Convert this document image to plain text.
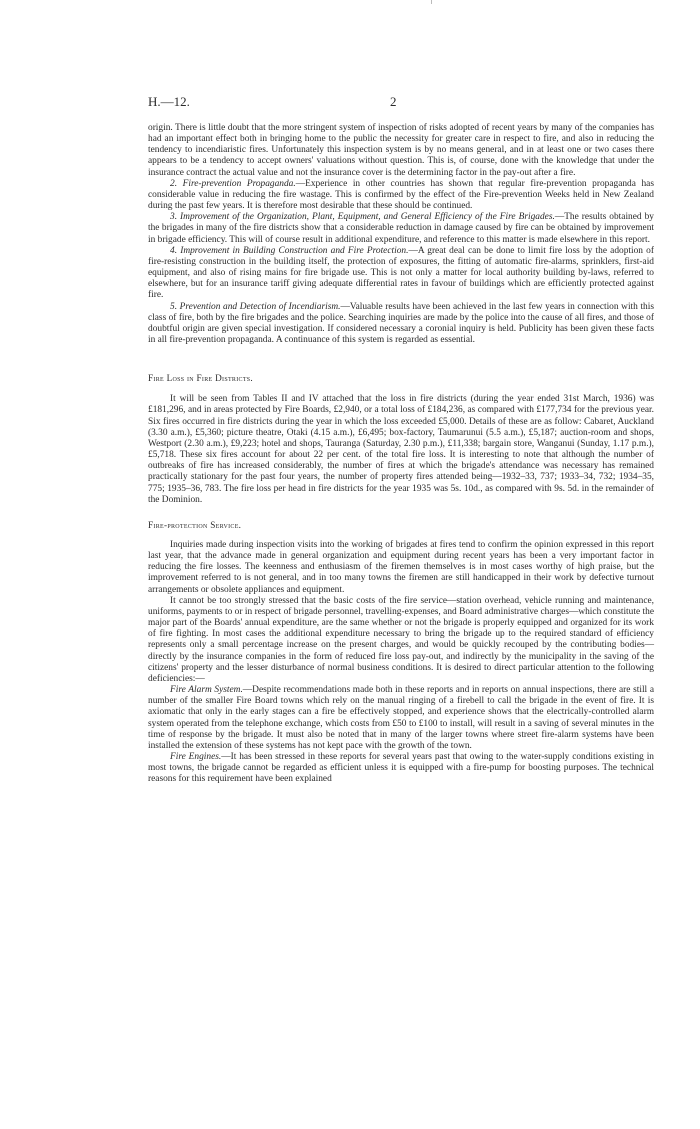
H.—12.	2

origin. There is little doubt that the more stringent system of inspection of risks adopted of recent years by many of the companies has had an important effect both in bringing home to the public the necessity for greater care in respect to fire, and also in reducing the tendency to incendiaristic fires. Unfortunately this inspection system is by no means general, and in at least one or two cases there appears to be a tendency to accept owners' valuations without question. This is, of course, done with the knowledge that under the insurance contract the actual value and not the insurance cover is the determining factor in the pay-out after a fire.

2. Fire-prevention Propaganda.—Experience in other countries has shown that regular fire-prevention propaganda has considerable value in reducing the fire wastage. This is confirmed by the effect of the Fire-prevention Weeks held in New Zealand during the past few years. It is therefore most desirable that these should be continued.

3. Improvement of the Organization, Plant, Equipment, and General Efficiency of the Fire Brigades.—The results obtained by the brigades in many of the fire districts show that a considerable reduction in damage caused by fire can be obtained by improvement in brigade efficiency. This will of course result in additional expenditure, and reference to this matter is made elsewhere in this report.

4. Improvement in Building Construction and Fire Protection.—A great deal can be done to limit fire loss by the adoption of fire-resisting construction in the building itself, the protection of exposures, the fitting of automatic fire-alarms, sprinklers, first-aid equipment, and also of rising mains for fire brigade use. This is not only a matter for local authority building by-laws, referred to elsewhere, but for an insurance tariff giving adequate differential rates in favour of buildings which are efficiently protected against fire.

5. Prevention and Detection of Incendiarism.—Valuable results have been achieved in the last few years in connection with this class of fire, both by the fire brigades and the police. Searching inquiries are made by the police into the cause of all fires, and those of doubtful origin are given special investigation. If considered necessary a coronial inquiry is held. Publicity has been given these facts in all fire-prevention propaganda. A continuance of this system is regarded as essential.

Fire Loss in Fire Districts.

It will be seen from Tables II and IV attached that the loss in fire districts (during the year ended 31st March, 1936) was £181,296, and in areas protected by Fire Boards, £2,940, or a total loss of £184,236, as compared with £177,734 for the previous year. Six fires occurred in fire districts during the year in which the loss exceeded £5,000. Details of these are as follow: Cabaret, Auckland (3.30 a.m.), £5,360; picture theatre, Otaki (4.15 a.m.), £6,495; box-factory, Taumarunui (5.5 a.m.), £5,187; auction-room and shops, Westport (2.30 a.m.), £9,223; hotel and shops, Tauranga (Saturday, 2.30 p.m.), £11,338; bargain store, Wanganui (Sunday, 1.17 p.m.), £5,718. These six fires account for about 22 per cent. of the total fire loss. It is interesting to note that although the number of outbreaks of fire has increased considerably, the number of fires at which the brigade's attendance was necessary has remained practically stationary for the past four years, the number of property fires attended being—1932–33, 737; 1933–34, 732; 1934–35, 775; 1935–36, 783. The fire loss per head in fire districts for the year 1935 was 5s. 10d., as compared with 9s. 5d. in the remainder of the Dominion.

Fire-protection Service.

Inquiries made during inspection visits into the working of brigades at fires tend to confirm the opinion expressed in this report last year, that the advance made in general organization and equipment during recent years has been a very important factor in reducing the fire losses. The keenness and enthusiasm of the firemen themselves is in most cases worthy of high praise, but the improvement referred to is not general, and in too many towns the firemen are still handicapped in their work by defective turnout arrangements or obsolete appliances and equipment.

It cannot be too strongly stressed that the basic costs of the fire service—station overhead, vehicle running and maintenance, uniforms, payments to or in respect of brigade personnel, travelling-expenses, and Board administrative charges—which constitute the major part of the Boards' annual expenditure, are the same whether or not the brigade is properly equipped and organized for its work of fire fighting. In most cases the additional expenditure necessary to bring the brigade up to the required standard of efficiency represents only a small percentage increase on the present charges, and would be quickly recouped by the contributing bodies—directly by the insurance companies in the form of reduced fire loss pay-out, and indirectly by the municipality in the saving of the citizens' property and the lesser disturbance of normal business conditions. It is desired to direct particular attention to the following deficiencies:—

Fire Alarm System.—Despite recommendations made both in these reports and in reports on annual inspections, there are still a number of the smaller Fire Board towns which rely on the manual ringing of a firebell to call the brigade in the event of fire. It is axiomatic that only in the early stages can a fire be effectively stopped, and experience shows that the electrically-controlled alarm system operated from the telephone exchange, which costs from £50 to £100 to install, will result in a saving of several minutes in the time of response by the brigade. It must also be noted that in many of the larger towns where street fire-alarm systems have been installed the extension of these systems has not kept pace with the growth of the town.

Fire Engines.—It has been stressed in these reports for several years past that owing to the water-supply conditions existing in most towns, the brigade cannot be regarded as efficient unless it is equipped with a fire-pump for boosting purposes. The technical reasons for this requirement have been explained
